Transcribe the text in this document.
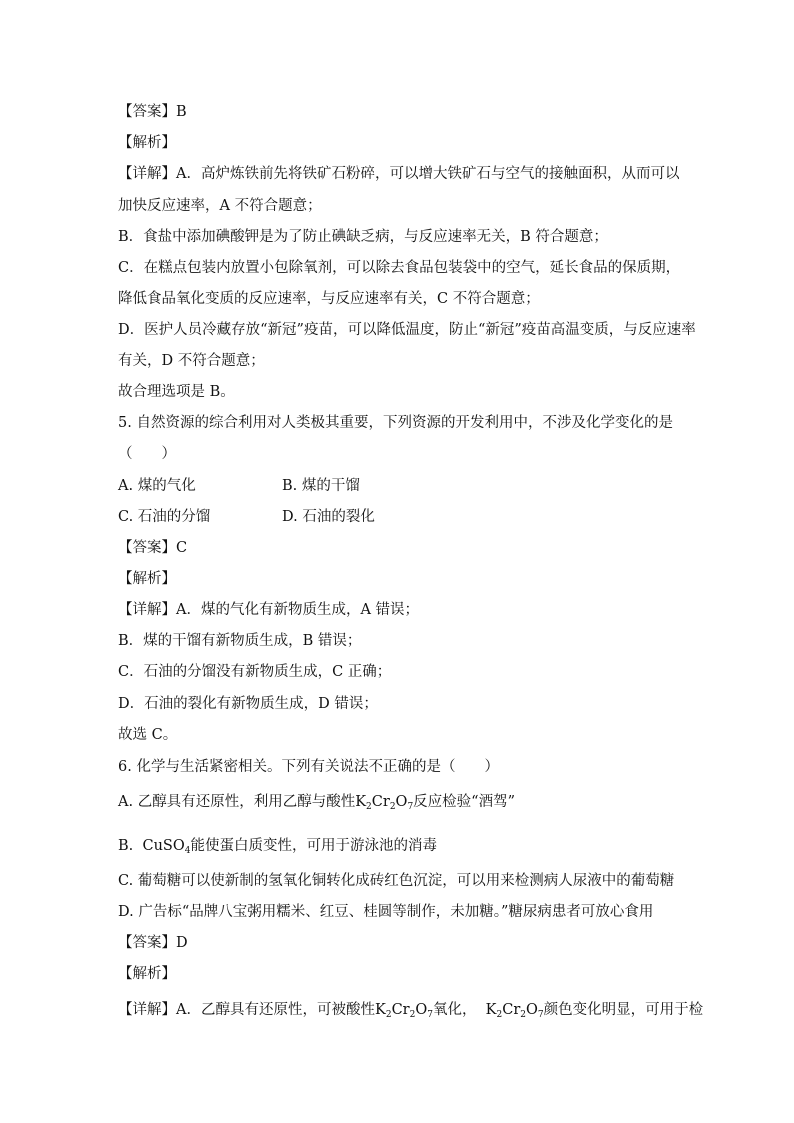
【答案】B
【解析】
【详解】A．高炉炼铁前先将铁矿石粉碎，可以增大铁矿石与空气的接触面积，从而可以
加快反应速率，A 不符合题意；
B．食盐中添加碘酸钾是为了防止碘缺乏病，与反应速率无关，B 符合题意；
C．在糕点包装内放置小包除氧剂，可以除去食品包装袋中的空气，延长食品的保质期，
降低食品氧化变质的反应速率，与反应速率有关，C 不符合题意；
D．医护人员冷藏存放“新冠”疫苗，可以降低温度，防止“新冠”疫苗高温变质，与反应速率
有关，D 不符合题意；
故合理选项是 B。
5. 自然资源的综合利用对人类极其重要，下列资源的开发利用中，不涉及化学变化的是
（　　）
A. 煤的气化	B. 煤的干馏
C. 石油的分馏	D. 石油的裂化
【答案】C
【解析】
【详解】A．煤的气化有新物质生成，A 错误；
B．煤的干馏有新物质生成，B 错误；
C．石油的分馏没有新物质生成，C 正确；
D．石油的裂化有新物质生成，D 错误；
故选 C。
6. 化学与生活紧密相关。下列有关说法不正确的是（　　）
A. 乙醇具有还原性，利用乙醇与酸性$K_2Cr_2O_7$反应检验“酒驾”
B. CuSO$_4$能使蛋白质变性，可用于游泳池的消毒
C. 葡萄糖可以使新制的氢氧化铜转化成砖红色沉淀，可以用来检测病人尿液中的葡萄糖
D. 广告标“品牌八宝粥用糯米、红豆、桂圆等制作，未加糖。”糖尿病患者可放心食用
【答案】D
【解析】
【详解】A．乙醇具有还原性，可被酸性$K_2Cr_2O_7$氧化， $K_2Cr_2O_7$颜色变化明显，可用于检
